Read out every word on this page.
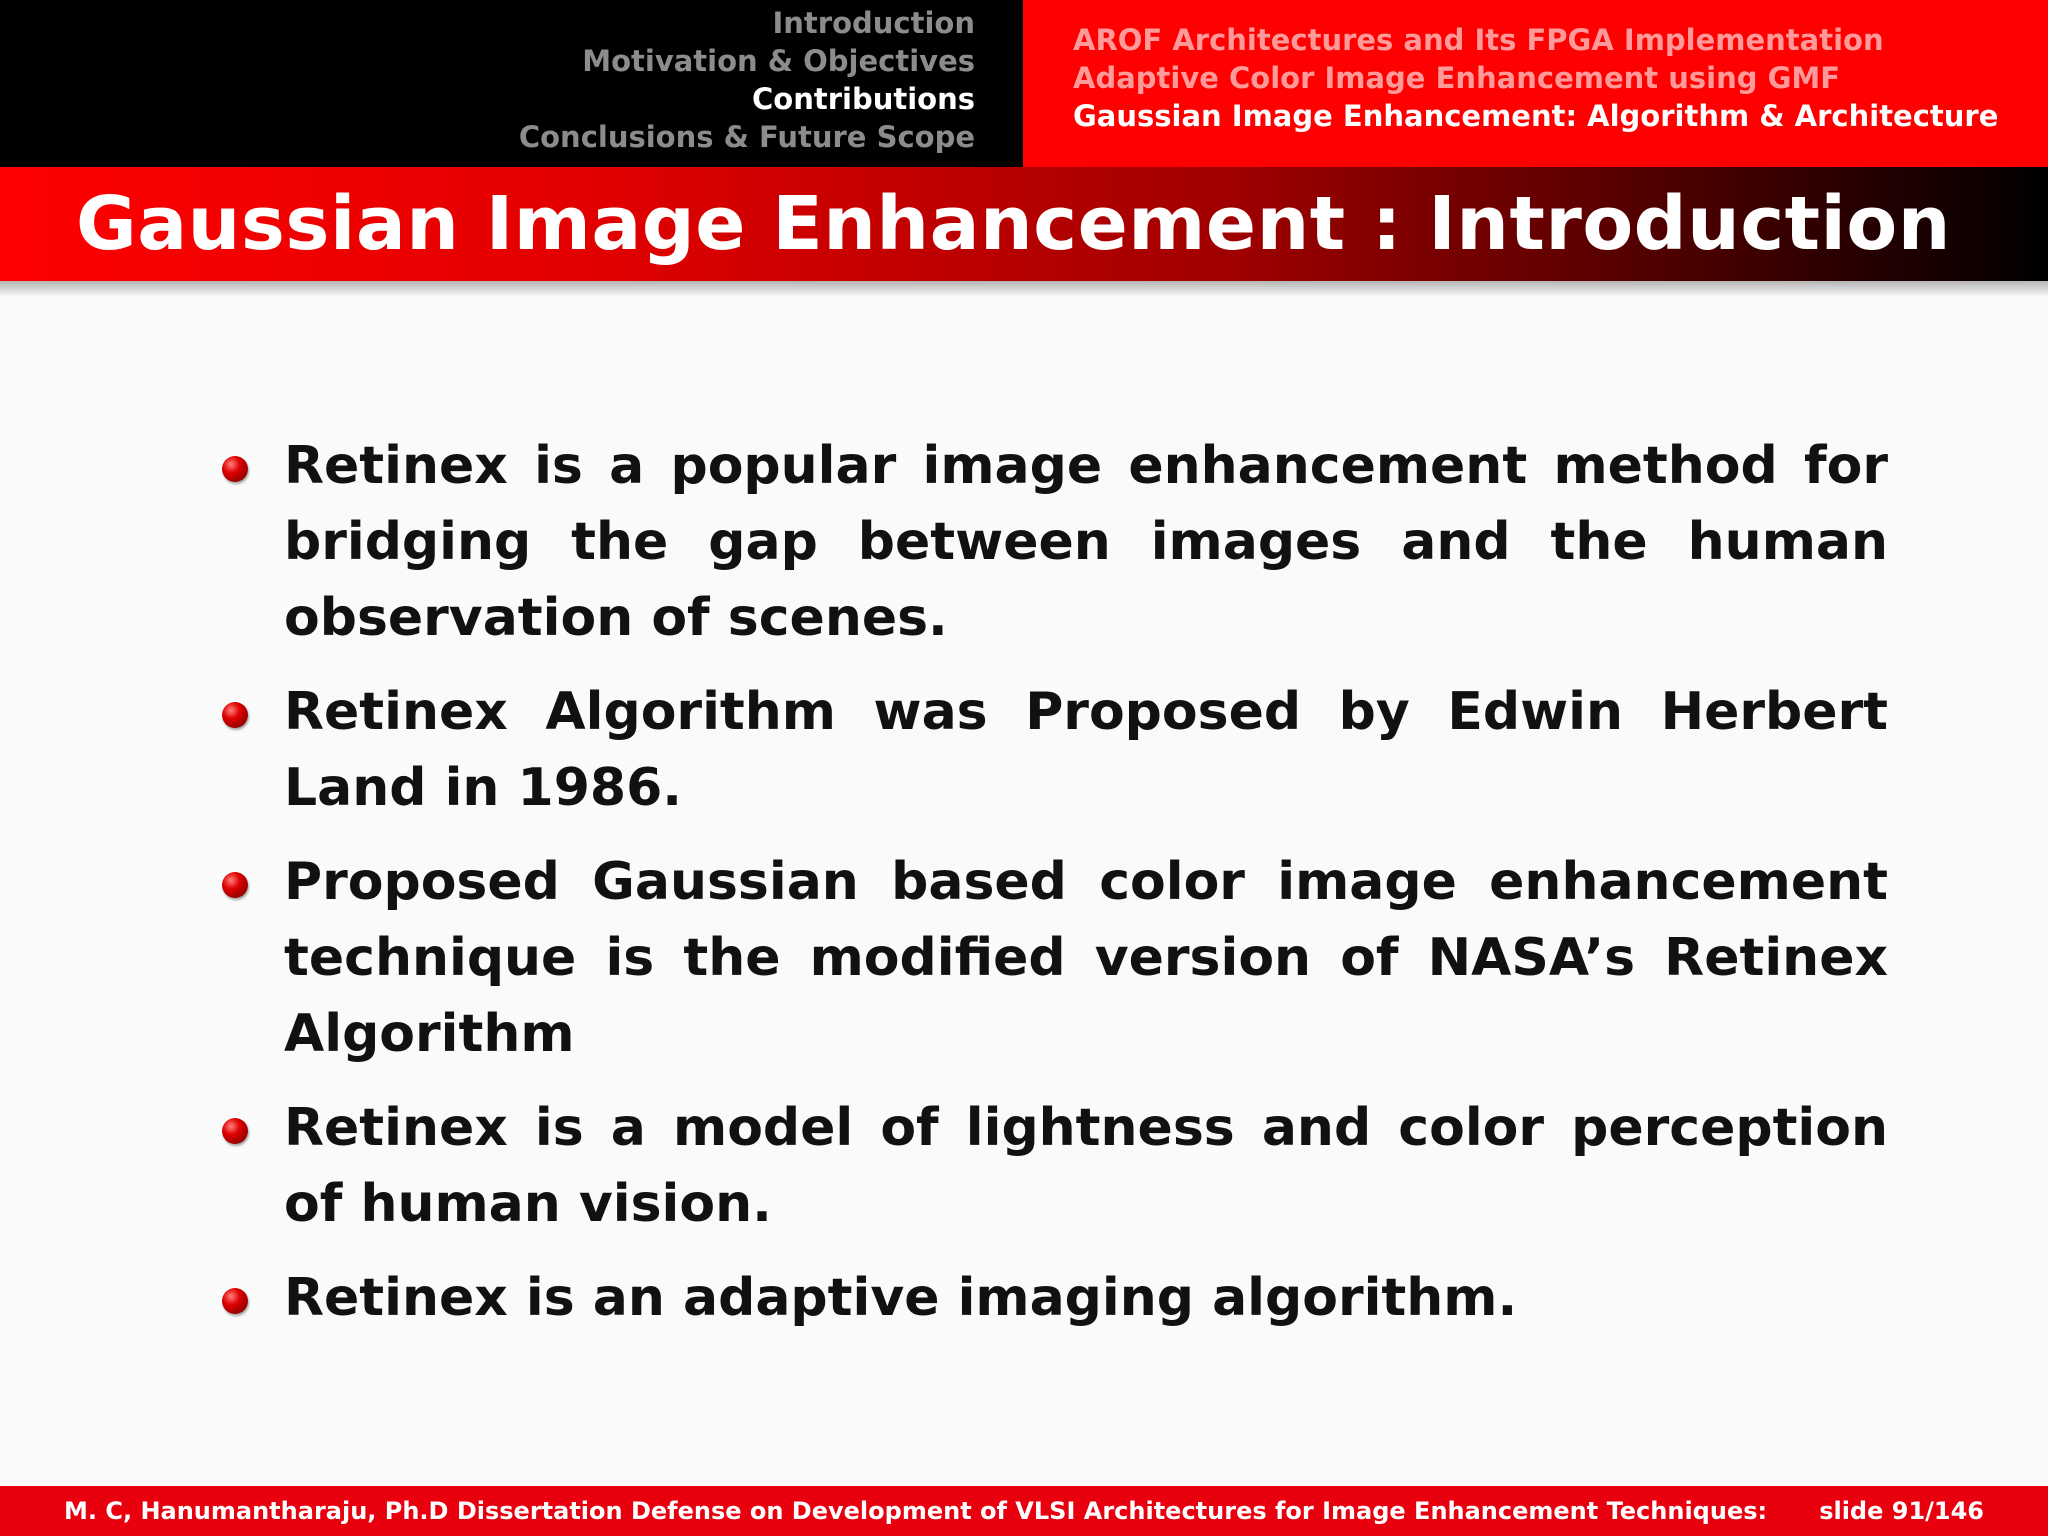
Introduction
Motivation & Objectives
Contributions
Conclusions & Future Scope
AROF Architectures and Its FPGA Implementation
Adaptive Color Image Enhancement using GMF
Gaussian Image Enhancement: Algorithm & Architecture
Gaussian Image Enhancement : Introduction
Retinex is a popular image enhancement method for bridging the gap between images and the human observation of scenes.
Retinex Algorithm was Proposed by Edwin Herbert Land in 1986.
Proposed Gaussian based color image enhancement technique is the modified version of NASA’s Retinex Algorithm
Retinex is a model of lightness and color perception of human vision.
Retinex is an adaptive imaging algorithm.
M. C, Hanumantharaju, Ph.D Dissertation Defense on Development of VLSI Architectures for Image Enhancement Techniques: slide 91/146
